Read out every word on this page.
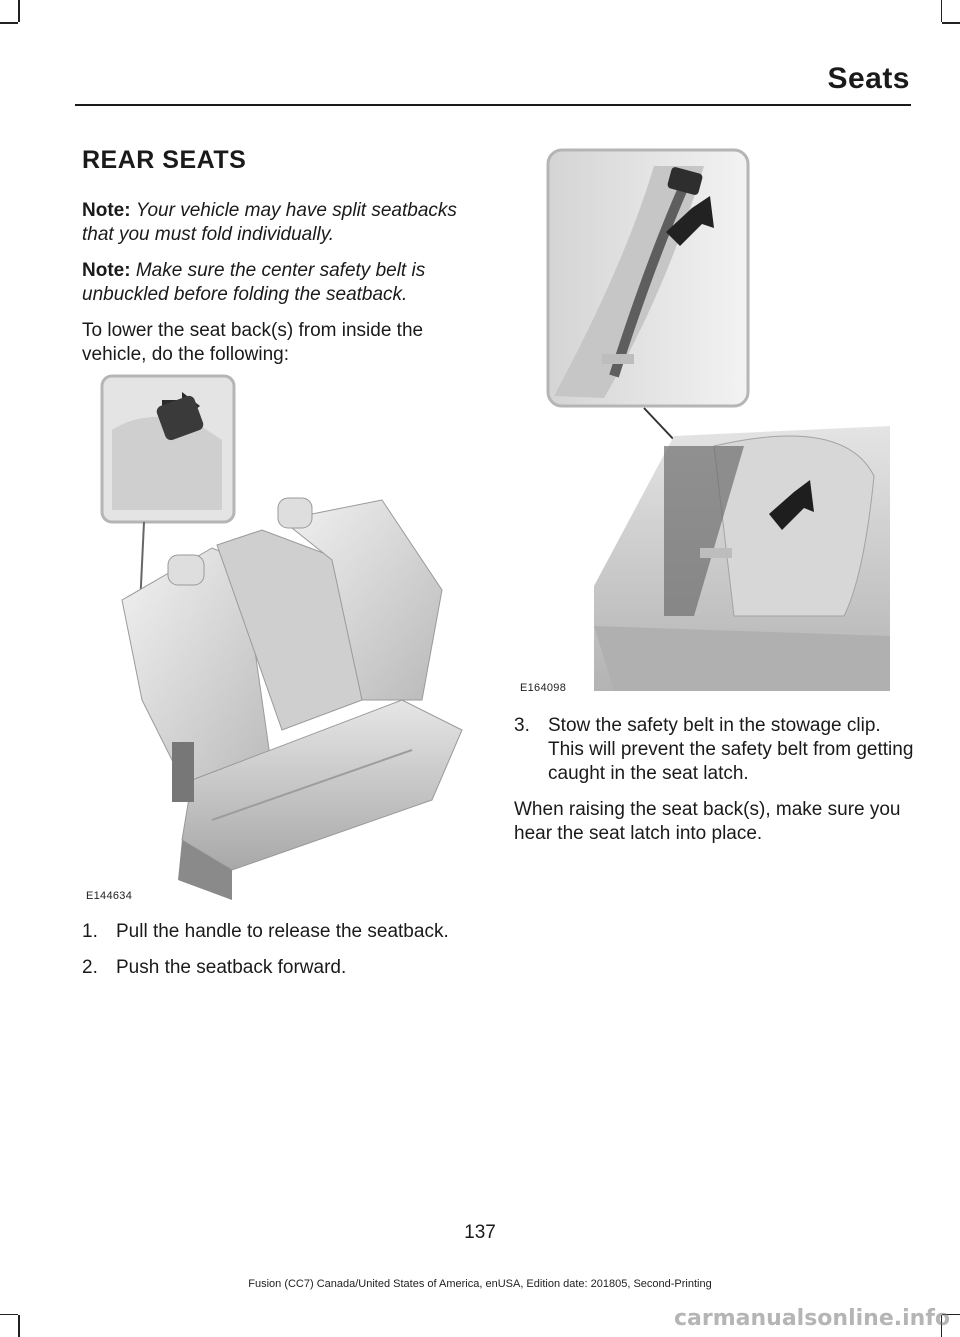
Seats
REAR SEATS

Note: Your vehicle may have split seatbacks that you must fold individually.

Note: Make sure the center safety belt is unbuckled before folding the seatback.

To lower the seat back(s) from inside the vehicle, do the following:

E144634
1. Pull the handle to release the seatback.
2. Push the seatback forward.
E164098
3. Stow the safety belt in the stowage clip. This will prevent the safety belt from getting caught in the seat latch.

When raising the seat back(s), make sure you hear the seat latch into place.

137
Fusion (CC7) Canada/United States of America, enUSA, Edition date: 201805, Second-Printing
carmanualsonline.info
